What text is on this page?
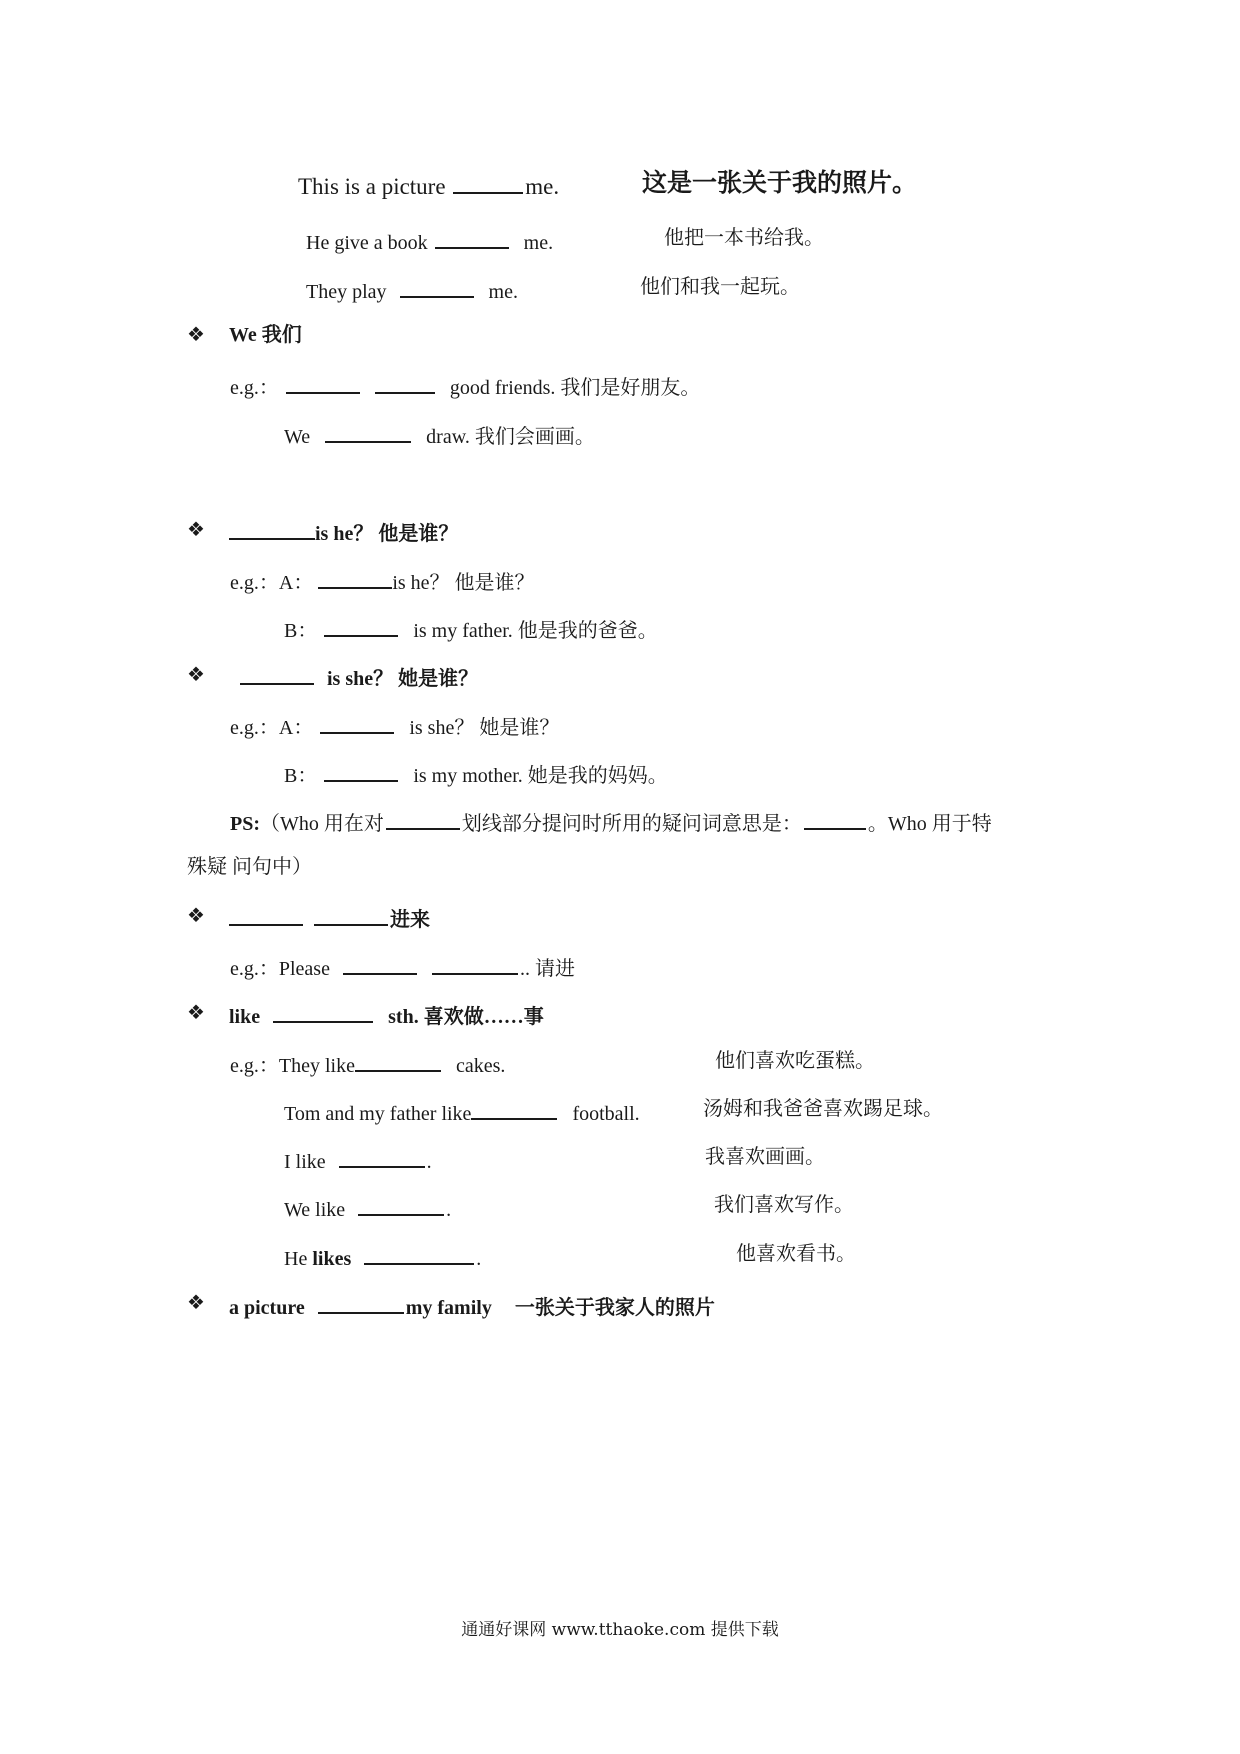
This is a picture	me.	这是一张关于我的照片。
He give a book	me.	他把一本书给我。
They play	me.	他们和我一起玩。
❖ We 我们
e.g.：	good friends. 我们是好朋友。
We	draw. 我们会画画。
❖	is he？ 他是谁？
e.g.：A：	is he？ 他是谁？
B：	is my father. 他是我的爸爸。
❖	is she？ 她是谁？
e.g.：A：	is she？ 她是谁？
B：	is my mother. 她是我的妈妈。
PS:（Who 用在对	划线部分提问时所用的疑问词意思是：	。Who 用于特
殊疑 问句中）
❖	进来
e.g.：Please	.. 请进
❖ like	sth. 喜欢做……事
e.g.：They like	cakes.	他们喜欢吃蛋糕。
Tom and my father like	football.	汤姆和我爸爸喜欢踢足球。
I like	.	我喜欢画画。
We like	.	我们喜欢写作。
He likes	.	他喜欢看书。
❖ a picture	my family 一张关于我家人的照片
通通好课网 www.tthaoke.com 提供下载
